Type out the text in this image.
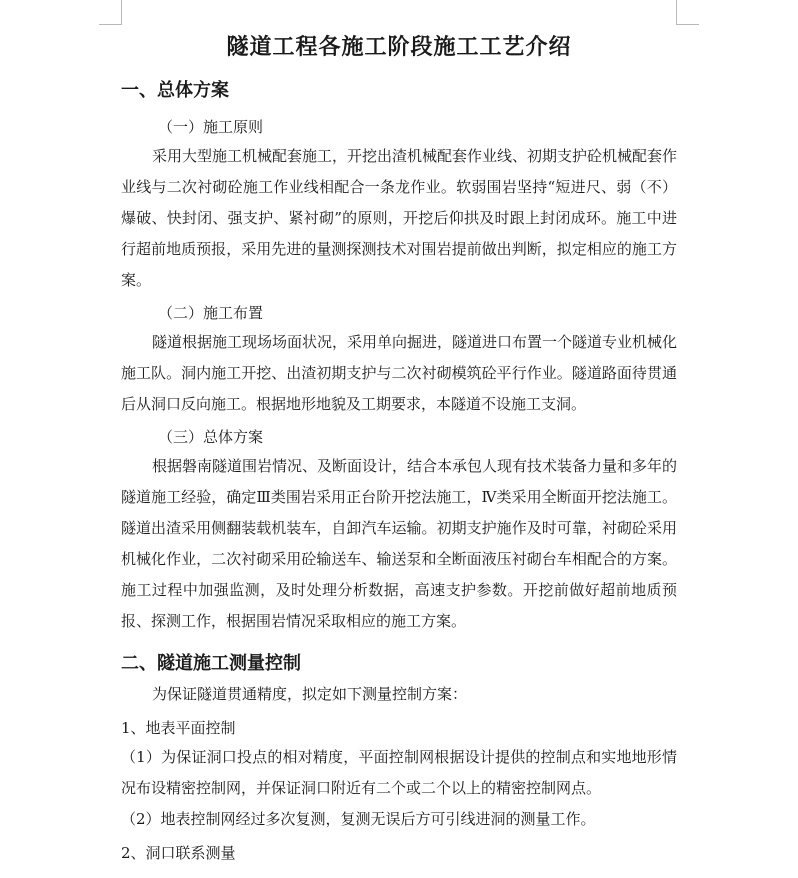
隧道工程各施工阶段施工工艺介绍
一、总体方案
（一）施工原则

采用大型施工机械配套施工，开挖出渣机械配套作业线、初期支护砼机械配套作业线与二次衬砌砼施工作业线相配合一条龙作业。软弱围岩坚持“短进尺、弱（不）爆破、快封闭、强支护、紧衬砌”的原则，开挖后仰拱及时跟上封闭成环。施工中进行超前地质预报，采用先进的量测探测技术对围岩提前做出判断，拟定相应的施工方案。

（二）施工布置

隧道根据施工现场场面状况，采用单向掘进，隧道进口布置一个隧道专业机械化施工队。洞内施工开挖、出渣初期支护与二次衬砌模筑砼平行作业。隧道路面待贯通后从洞口反向施工。根据地形地貌及工期要求，本隧道不设施工支洞。

（三）总体方案

根据磐南隧道围岩情况、及断面设计，结合本承包人现有技术装备力量和多年的隧道施工经验，确定Ⅲ类围岩采用正台阶开挖法施工，Ⅳ类采用全断面开挖法施工。隧道出渣采用侧翻装载机装车，自卸汽车运输。初期支护施作及时可靠，衬砌砼采用机械化作业，二次衬砌采用砼输送车、输送泵和全断面液压衬砌台车相配合的方案。施工过程中加强监测，及时处理分析数据，高速支护参数。开挖前做好超前地质预报、探测工作，根据围岩情况采取相应的施工方案。

二、隧道施工测量控制

为保证隧道贯通精度，拟定如下测量控制方案：

1、地表平面控制

（1）为保证洞口投点的相对精度，平面控制网根据设计提供的控制点和实地地形情况布设精密控制网，并保证洞口附近有二个或二个以上的精密控制网点。

（2）地表控制网经过多次复测，复测无误后方可引线进洞的测量工作。

2、洞口联系测量
